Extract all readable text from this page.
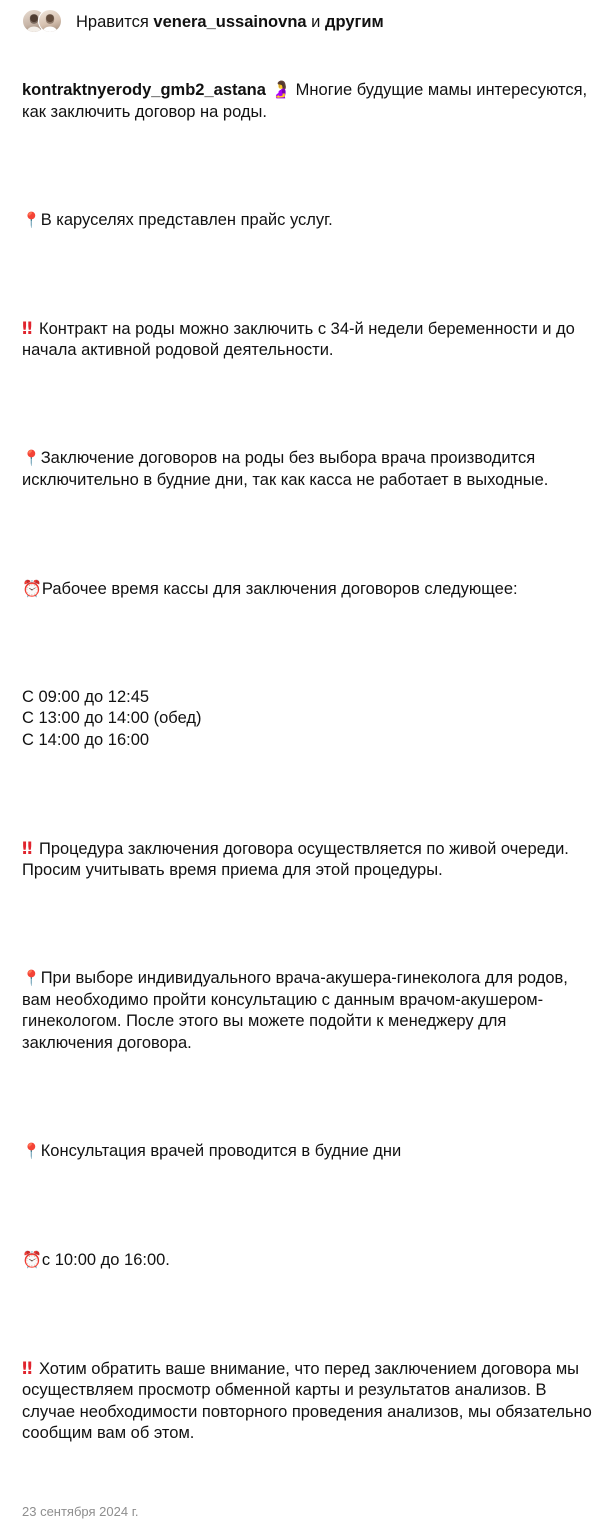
Нравится
venera_ussainovna
и
другим

kontraktnyerody_gmb2_astana 🤰 Многие будущие мамы интересуются, как заключить договор на роды.

📍В каруселях представлен прайс услуг.

‼ Контракт на роды можно заключить с 34-й недели беременности и до начала активной родовой деятельности.

📍Заключение договоров на роды без выбора врача производится исключительно в будние дни, так как касса не работает в выходные.

⏰Рабочее время кассы для заключения договоров следующее:

С 09:00 до 12:45
С 13:00 до 14:00 (обед)
С 14:00 до 16:00

‼ Процедура заключения договора осуществляется по живой очереди. Просим учитывать время приема для этой процедуры.

📍При выборе индивидуального врача-акушера-гинеколога для родов, вам необходимо пройти консультацию с данным врачом-акушером-гинекологом. После этого вы можете подойти к менеджеру для заключения договора.

📍Консультация врачей проводится в будние дни

⏰с 10:00 до 16:00.

‼ Хотим обратить ваше внимание, что перед заключением договора мы осуществляем просмотр обменной карты и результатов анализов. В случае необходимости повторного проведения анализов, мы обязательно сообщим вам об этом.

23 сентября 2024 г.
